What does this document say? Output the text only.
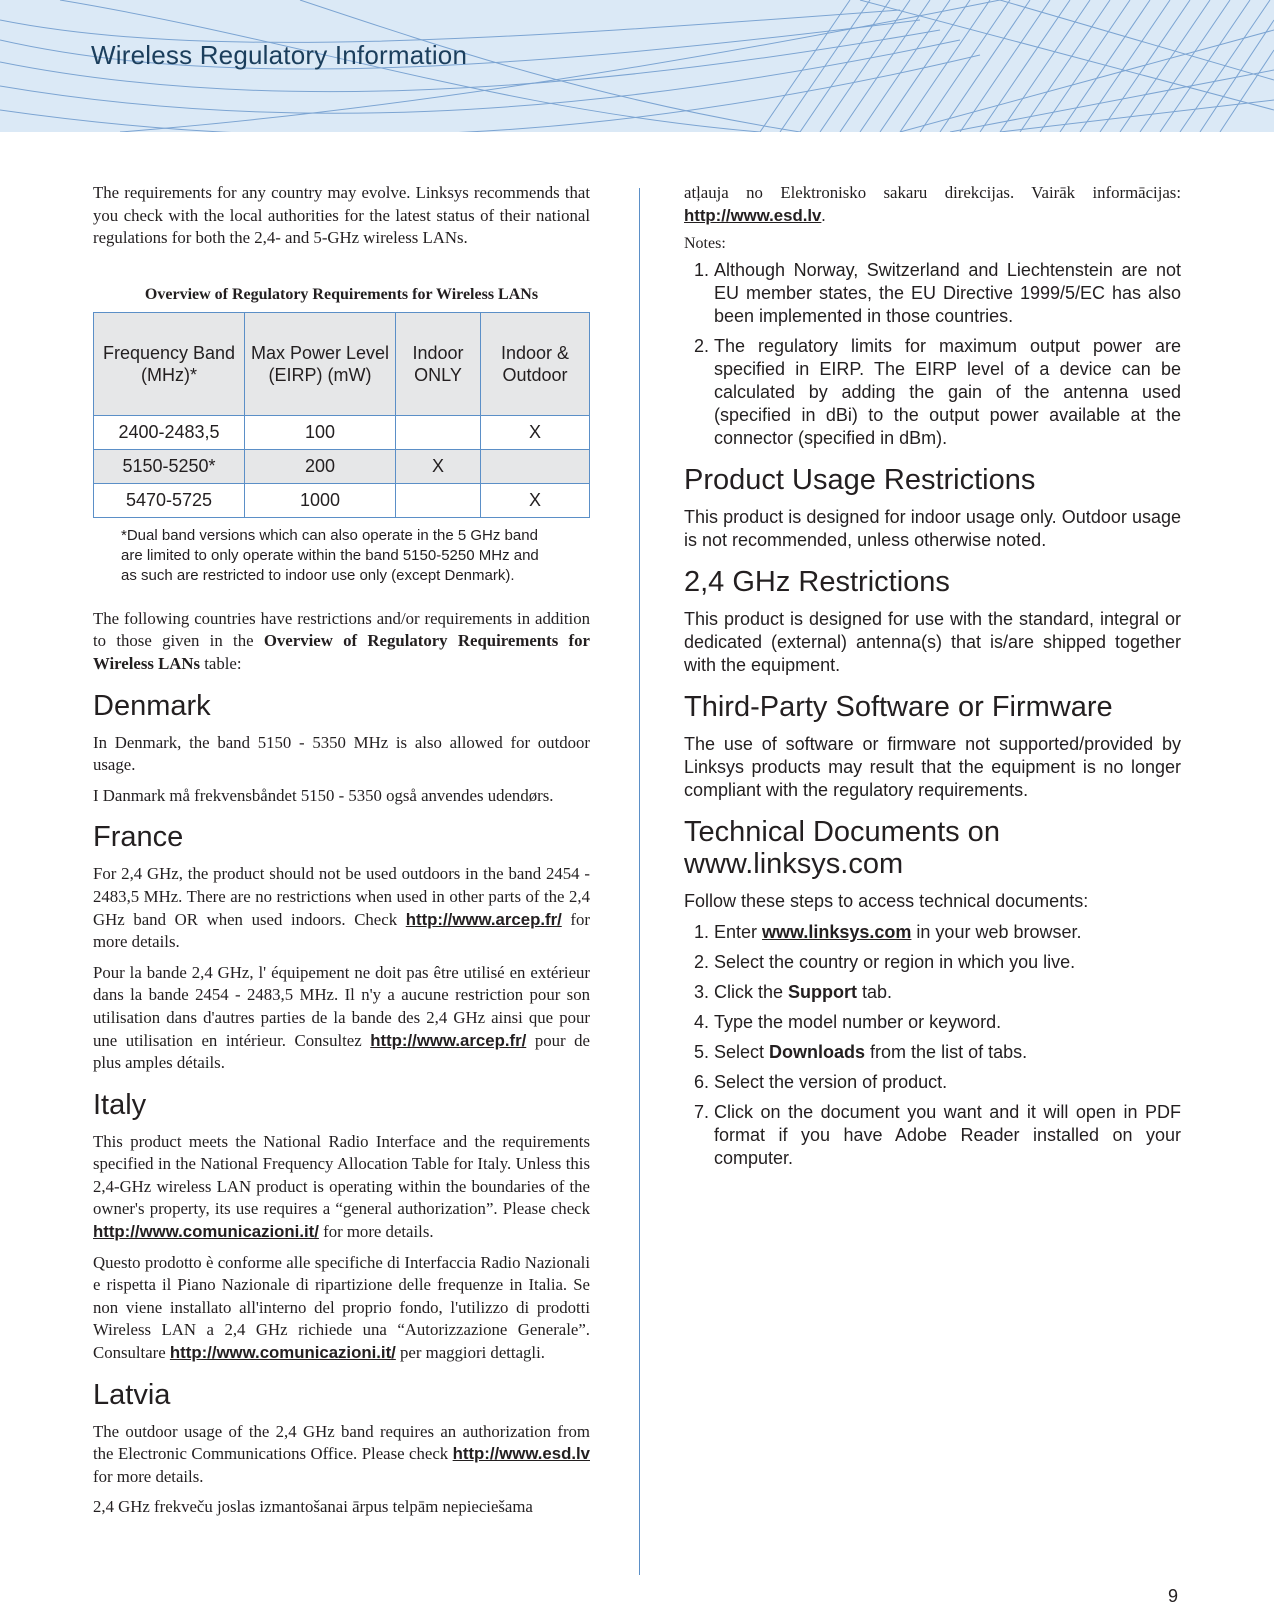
Wireless Regulatory Information

The requirements for any country may evolve. Linksys recommends that you check with the local authorities for the latest status of their national regulations for both the 2,4- and 5-GHz wireless LANs.

Overview of Regulatory Requirements for Wireless LANs
Frequency Band (MHz)*	Max Power Level (EIRP) (mW)	Indoor ONLY	Indoor & Outdoor
2400-2483,5	100		X
5150-5250*	200	X	
5470-5725	1000		X
*Dual band versions which can also operate in the 5 GHz band are limited to only operate within the band 5150-5250 MHz and as such are restricted to indoor use only (except Denmark).

The following countries have restrictions and/or requirements in addition to those given in the Overview of Regulatory Requirements for Wireless LANs table:

Denmark

In Denmark, the band 5150 - 5350 MHz is also allowed for outdoor usage.

I Danmark må frekvensbåndet 5150 - 5350 også anvendes udendørs.

France

For 2,4 GHz, the product should not be used outdoors in the band 2454 - 2483,5 MHz. There are no restrictions when used in other parts of the 2,4 GHz band OR when used indoors. Check http://www.arcep.fr/ for more details.

Pour la bande 2,4 GHz, l' équipement ne doit pas être utilisé en extérieur dans la bande 2454 - 2483,5 MHz. Il n'y a aucune restriction pour son utilisation dans d'autres parties de la bande des 2,4 GHz ainsi que pour une utilisation en intérieur. Consultez http://www.arcep.fr/ pour de plus amples détails.

Italy

This product meets the National Radio Interface and the requirements specified in the National Frequency Allocation Table for Italy. Unless this 2,4-GHz wireless LAN product is operating within the boundaries of the owner's property, its use requires a “general authorization”. Please check http://www.comunicazioni.it/ for more details.

Questo prodotto è conforme alle specifiche di Interfaccia Radio Nazionali e rispetta il Piano Nazionale di ripartizione delle frequenze in Italia. Se non viene installato all'interno del proprio fondo, l'utilizzo di prodotti Wireless LAN a 2,4 GHz richiede una “Autorizzazione Generale”. Consultare http://www.comunicazioni.it/ per maggiori dettagli.

Latvia

The outdoor usage of the 2,4 GHz band requires an authorization from the Electronic Communications Office. Please check http://www.esd.lv for more details.

2,4 GHz frekveču joslas izmantošanai ārpus telpām nepieciešama

atļauja no Elektronisko sakaru direkcijas. Vairāk informācijas: http://www.esd.lv.

Notes:
1. Although Norway, Switzerland and Liechtenstein are not EU member states, the EU Directive 1999/5/EC has also been implemented in those countries.
2. The regulatory limits for maximum output power are specified in EIRP. The EIRP level of a device can be calculated by adding the gain of the antenna used (specified in dBi) to the output power available at the connector (specified in dBm).
Product Usage Restrictions

This product is designed for indoor usage only. Outdoor usage is not recommended, unless otherwise noted.

2,4 GHz Restrictions

This product is designed for use with the standard, integral or dedicated (external) antenna(s) that is/are shipped together with the equipment.

Third-Party Software or Firmware

The use of software or firmware not supported/provided by Linksys products may result that the equipment is no longer compliant with the regulatory requirements.

Technical Documents on
www.linksys.com

Follow these steps to access technical documents:

1. Enter www.linksys.com in your web browser.
2. Select the country or region in which you live.
3. Click the Support tab.
4. Type the model number or keyword.
5. Select Downloads from the list of tabs.
6. Select the version of product.
7. Click on the document you want and it will open in PDF format if you have Adobe Reader installed on your computer.
9
